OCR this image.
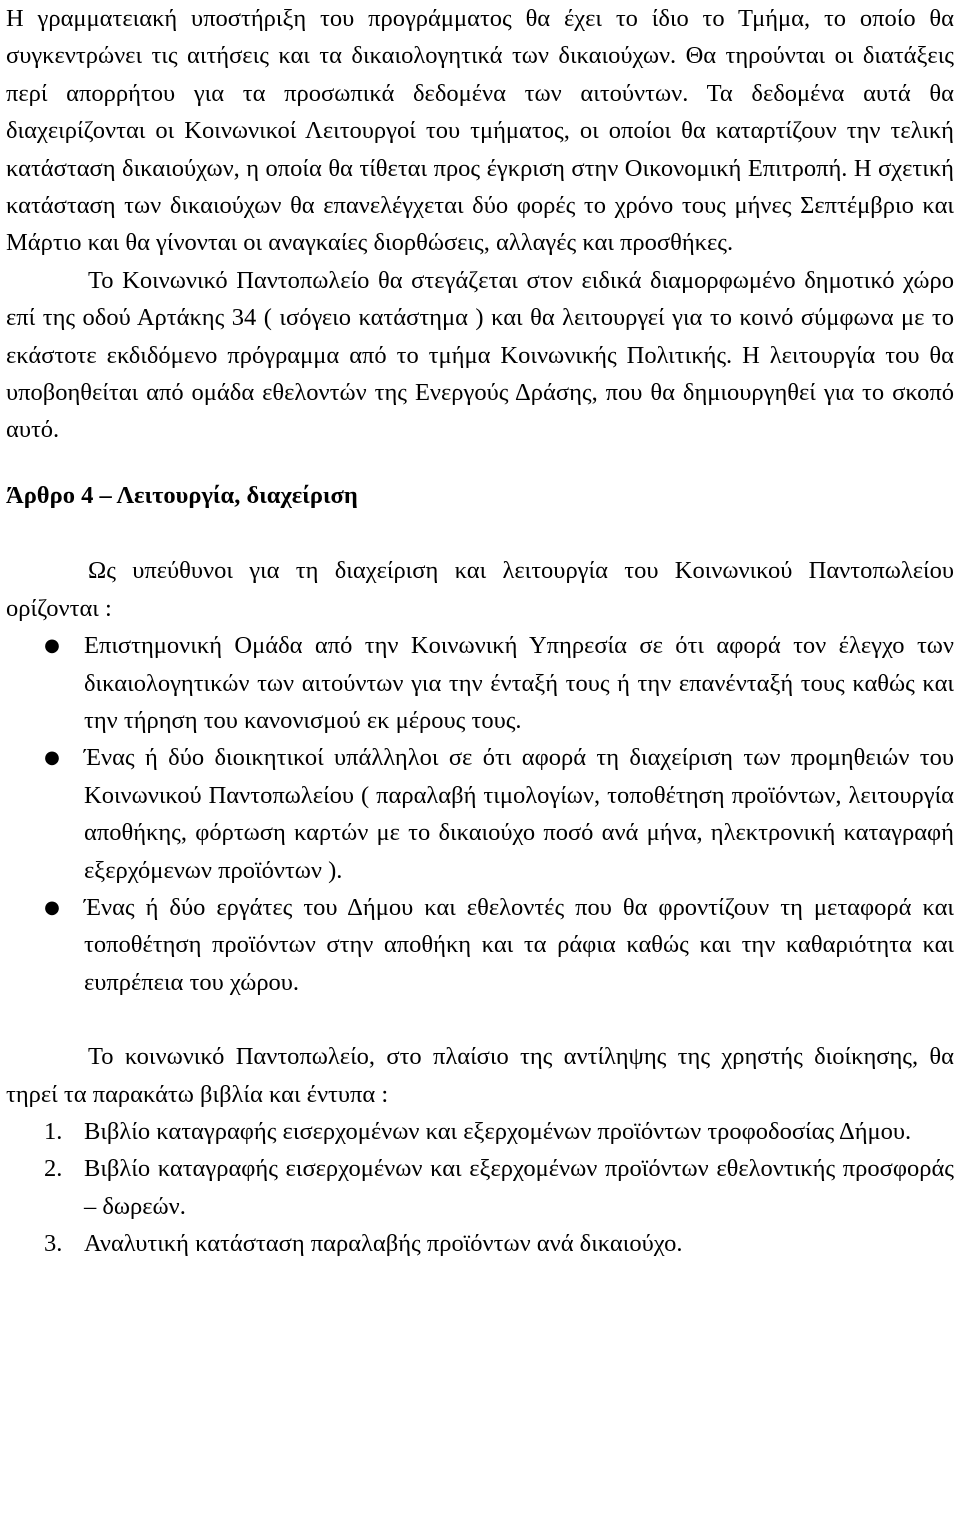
Η γραμματειακή υποστήριξη του προγράμματος θα έχει το ίδιο το Τμήμα, το οποίο θα συγκεντρώνει τις αιτήσεις και τα δικαιολογητικά των δικαιούχων. Θα τηρούνται οι διατάξεις περί απορρήτου για τα προσωπικά δεδομένα των αιτούντων. Τα δεδομένα αυτά θα διαχειρίζονται οι Κοινωνικοί Λειτουργοί του τμήματος, οι οποίοι θα καταρτίζουν την τελική κατάσταση δικαιούχων, η οποία θα τίθεται προς έγκριση στην Οικονομική Επιτροπή. Η σχετική κατάσταση των δικαιούχων θα επανελέγχεται δύο φορές το χρόνο τους μήνες Σεπτέμβριο και Μάρτιο και θα γίνονται οι αναγκαίες διορθώσεις, αλλαγές και προσθήκες.

Το Κοινωνικό Παντοπωλείο θα στεγάζεται στον ειδικά διαμορφωμένο δημοτικό χώρο επί της οδού Αρτάκης 34 ( ισόγειο κατάστημα ) και θα λειτουργεί για το κοινό σύμφωνα με το εκάστοτε εκδιδόμενο πρόγραμμα από το τμήμα Κοινωνικής Πολιτικής. Η λειτουργία του θα υποβοηθείται από ομάδα εθελοντών της Ενεργούς Δράσης, που θα δημιουργηθεί για το σκοπό αυτό.

Άρθρο 4 – Λειτουργία, διαχείριση

Ως υπεύθυνοι για τη διαχείριση και λειτουργία του Κοινωνικού Παντοπωλείου ορίζονται :

● Επιστημονική Ομάδα από την Κοινωνική Υπηρεσία σε ότι αφορά τον έλεγχο των δικαιολογητικών των αιτούντων για την ένταξή τους ή την επανένταξή τους καθώς και την τήρηση του κανονισμού εκ μέρους τους.
● Ένας ή δύο διοικητικοί υπάλληλοι σε ότι αφορά τη διαχείριση των προμηθειών του Κοινωνικού Παντοπωλείου ( παραλαβή τιμολογίων, τοποθέτηση προϊόντων, λειτουργία αποθήκης, φόρτωση καρτών με το δικαιούχο ποσό ανά μήνα, ηλεκτρονική καταγραφή εξερχόμενων προϊόντων ).
● Ένας ή δύο εργάτες του Δήμου και εθελοντές που θα φροντίζουν τη μεταφορά και τοποθέτηση προϊόντων στην αποθήκη και τα ράφια καθώς και την καθαριότητα και ευπρέπεια του χώρου.

Το κοινωνικό Παντοπωλείο, στο πλαίσιο της αντίληψης της χρηστής διοίκησης, θα τηρεί τα παρακάτω βιβλία και έντυπα :

1. Βιβλίο καταγραφής εισερχομένων και εξερχομένων προϊόντων τροφοδοσίας Δήμου.
2. Βιβλίο καταγραφής εισερχομένων και εξερχομένων προϊόντων εθελοντικής προσφοράς – δωρεών.
3. Αναλυτική κατάσταση παραλαβής προϊόντων ανά δικαιούχο.
